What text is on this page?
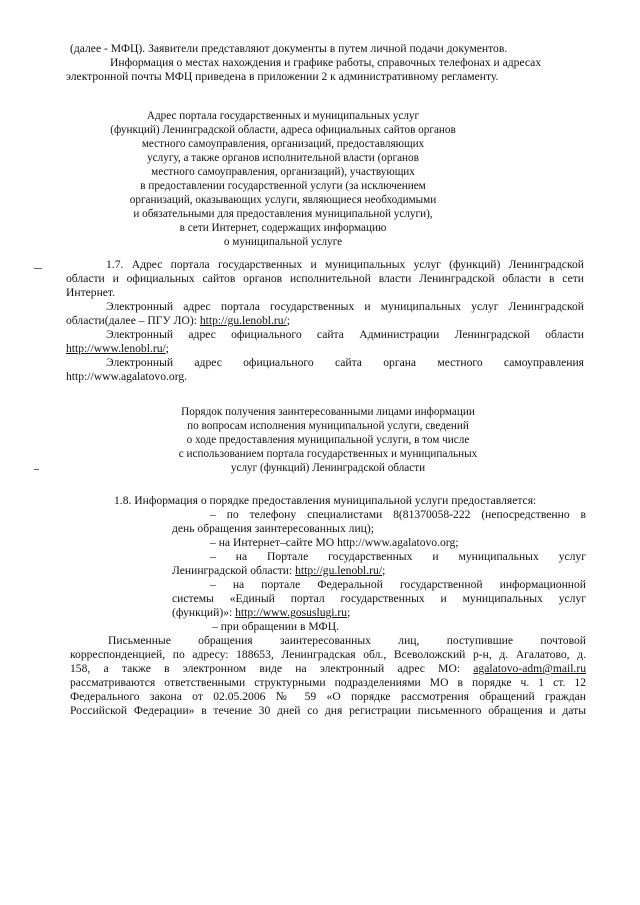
(далее - МФЦ). Заявители представляют документы в путем личной подачи документов.
Информация о местах нахождения и графике работы, справочных телефонах и адресах
электронной почты МФЦ приведена в приложении 2 к административному регламенту.
Адрес портала государственных и муниципальных услуг
(функций) Ленинградской области, адреса официальных сайтов органов
местного самоуправления, организаций, предоставляющих
услугу, а также органов исполнительной власти (органов
местного самоуправления, организаций), участвующих
в предоставлении государственной услуги (за исключением
организаций, оказывающих услуги, являющиеся необходимыми
и обязательными для предоставления муниципальной услуги),
в сети Интернет, содержащих информацию
о муниципальной услуге
1.7. Адрес портала государственных и муниципальных услуг (функций) Ленинградской
области и официальных сайтов органов исполнительной власти Ленинградской области в сети
Интернет.
Электронный адрес портала государственных и муниципальных услуг Ленинградской
области(далее – ПГУ ЛО): http://gu.lenobl.ru/;
Электронный адрес официального сайта Администрации Ленинградской области
http://www.lenobl.ru/;
Электронный адрес официального сайта органа местного самоуправления
http://www.agalatovo.org.
Порядок получения заинтересованными лицами информации
по вопросам исполнения муниципальной услуги, сведений
о ходе предоставления муниципальной услуги, в том числе
с использованием портала государственных и муниципальных
услуг (функций) Ленинградской области
1.8. Информация о порядке предоставления муниципальной услуги предоставляется:
– по телефону специалистами 8(81370058-222 (непосредственно в
день обращения заинтересованных лиц);
– на Интернет–сайте МО http://www.agalatovo.org;
– на Портале государственных и муниципальных услуг
Ленинградской области: http://gu.lenobl.ru/;
– на портале Федеральной государственной информационной
системы «Единый портал государственных и муниципальных услуг
(функций)»: http://www.gosuslugi.ru;
– при обращении в МФЦ.
Письменные обращения заинтересованных лиц, поступившие почтовой
корреспонденцией, по адресу: 188653, Ленинградская обл., Всеволожский р-н, д. Агалатово, д.
158, а также в электронном виде на электронный адрес МО: agalatovo-adm@mail.ru
рассматриваются ответственными структурными подразделениями МО в порядке ч. 1 ст. 12
Федерального закона от 02.05.2006 № 59 «О порядке рассмотрения обращений граждан
Российской Федерации» в течение 30 дней со дня регистрации письменного обращения и даты
